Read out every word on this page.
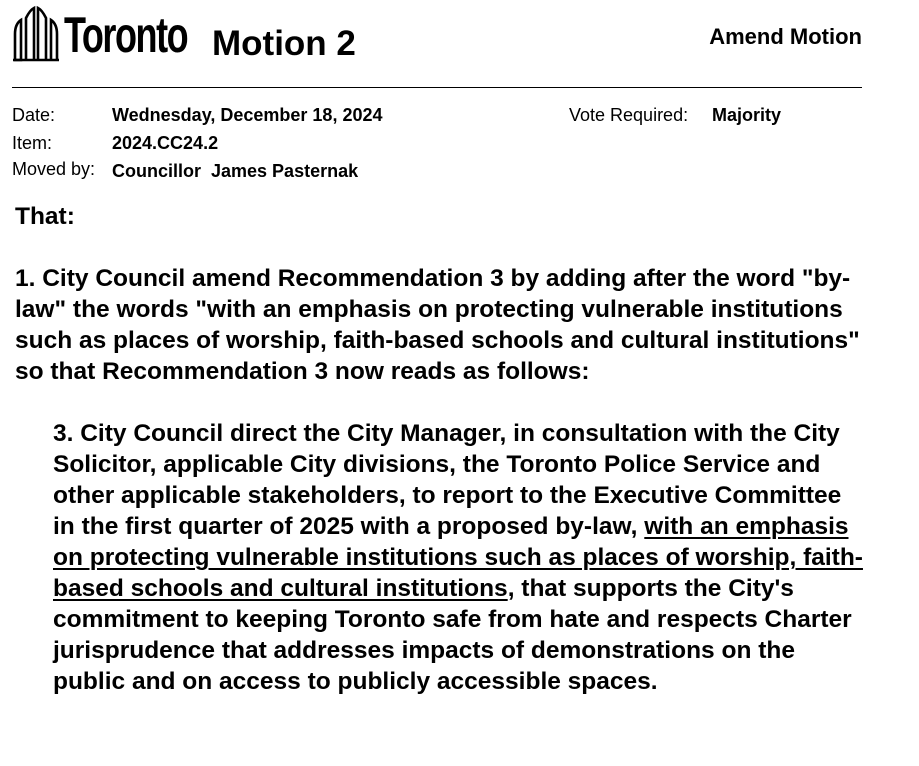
Toronto Motion 2	Amend Motion
Date:	Wednesday, December 18, 2024	Vote Required: Majority
Item:	2024.CC24.2
Moved by: Councillor  James Pasternak

That:

1. City Council amend Recommendation 3 by adding after the word "by-law" the words "with an emphasis on protecting vulnerable institutions such as places of worship, faith-based schools and cultural institutions" so that Recommendation 3 now reads as follows:

3. City Council direct the City Manager, in consultation with the City Solicitor, applicable City divisions, the Toronto Police Service and other applicable stakeholders, to report to the Executive Committee in the first quarter of 2025 with a proposed by-law, with an emphasis on protecting vulnerable institutions such as places of worship, faith-based schools and cultural institutions, that supports the City's commitment to keeping Toronto safe from hate and respects Charter jurisprudence that addresses impacts of demonstrations on the public and on access to publicly accessible spaces.
